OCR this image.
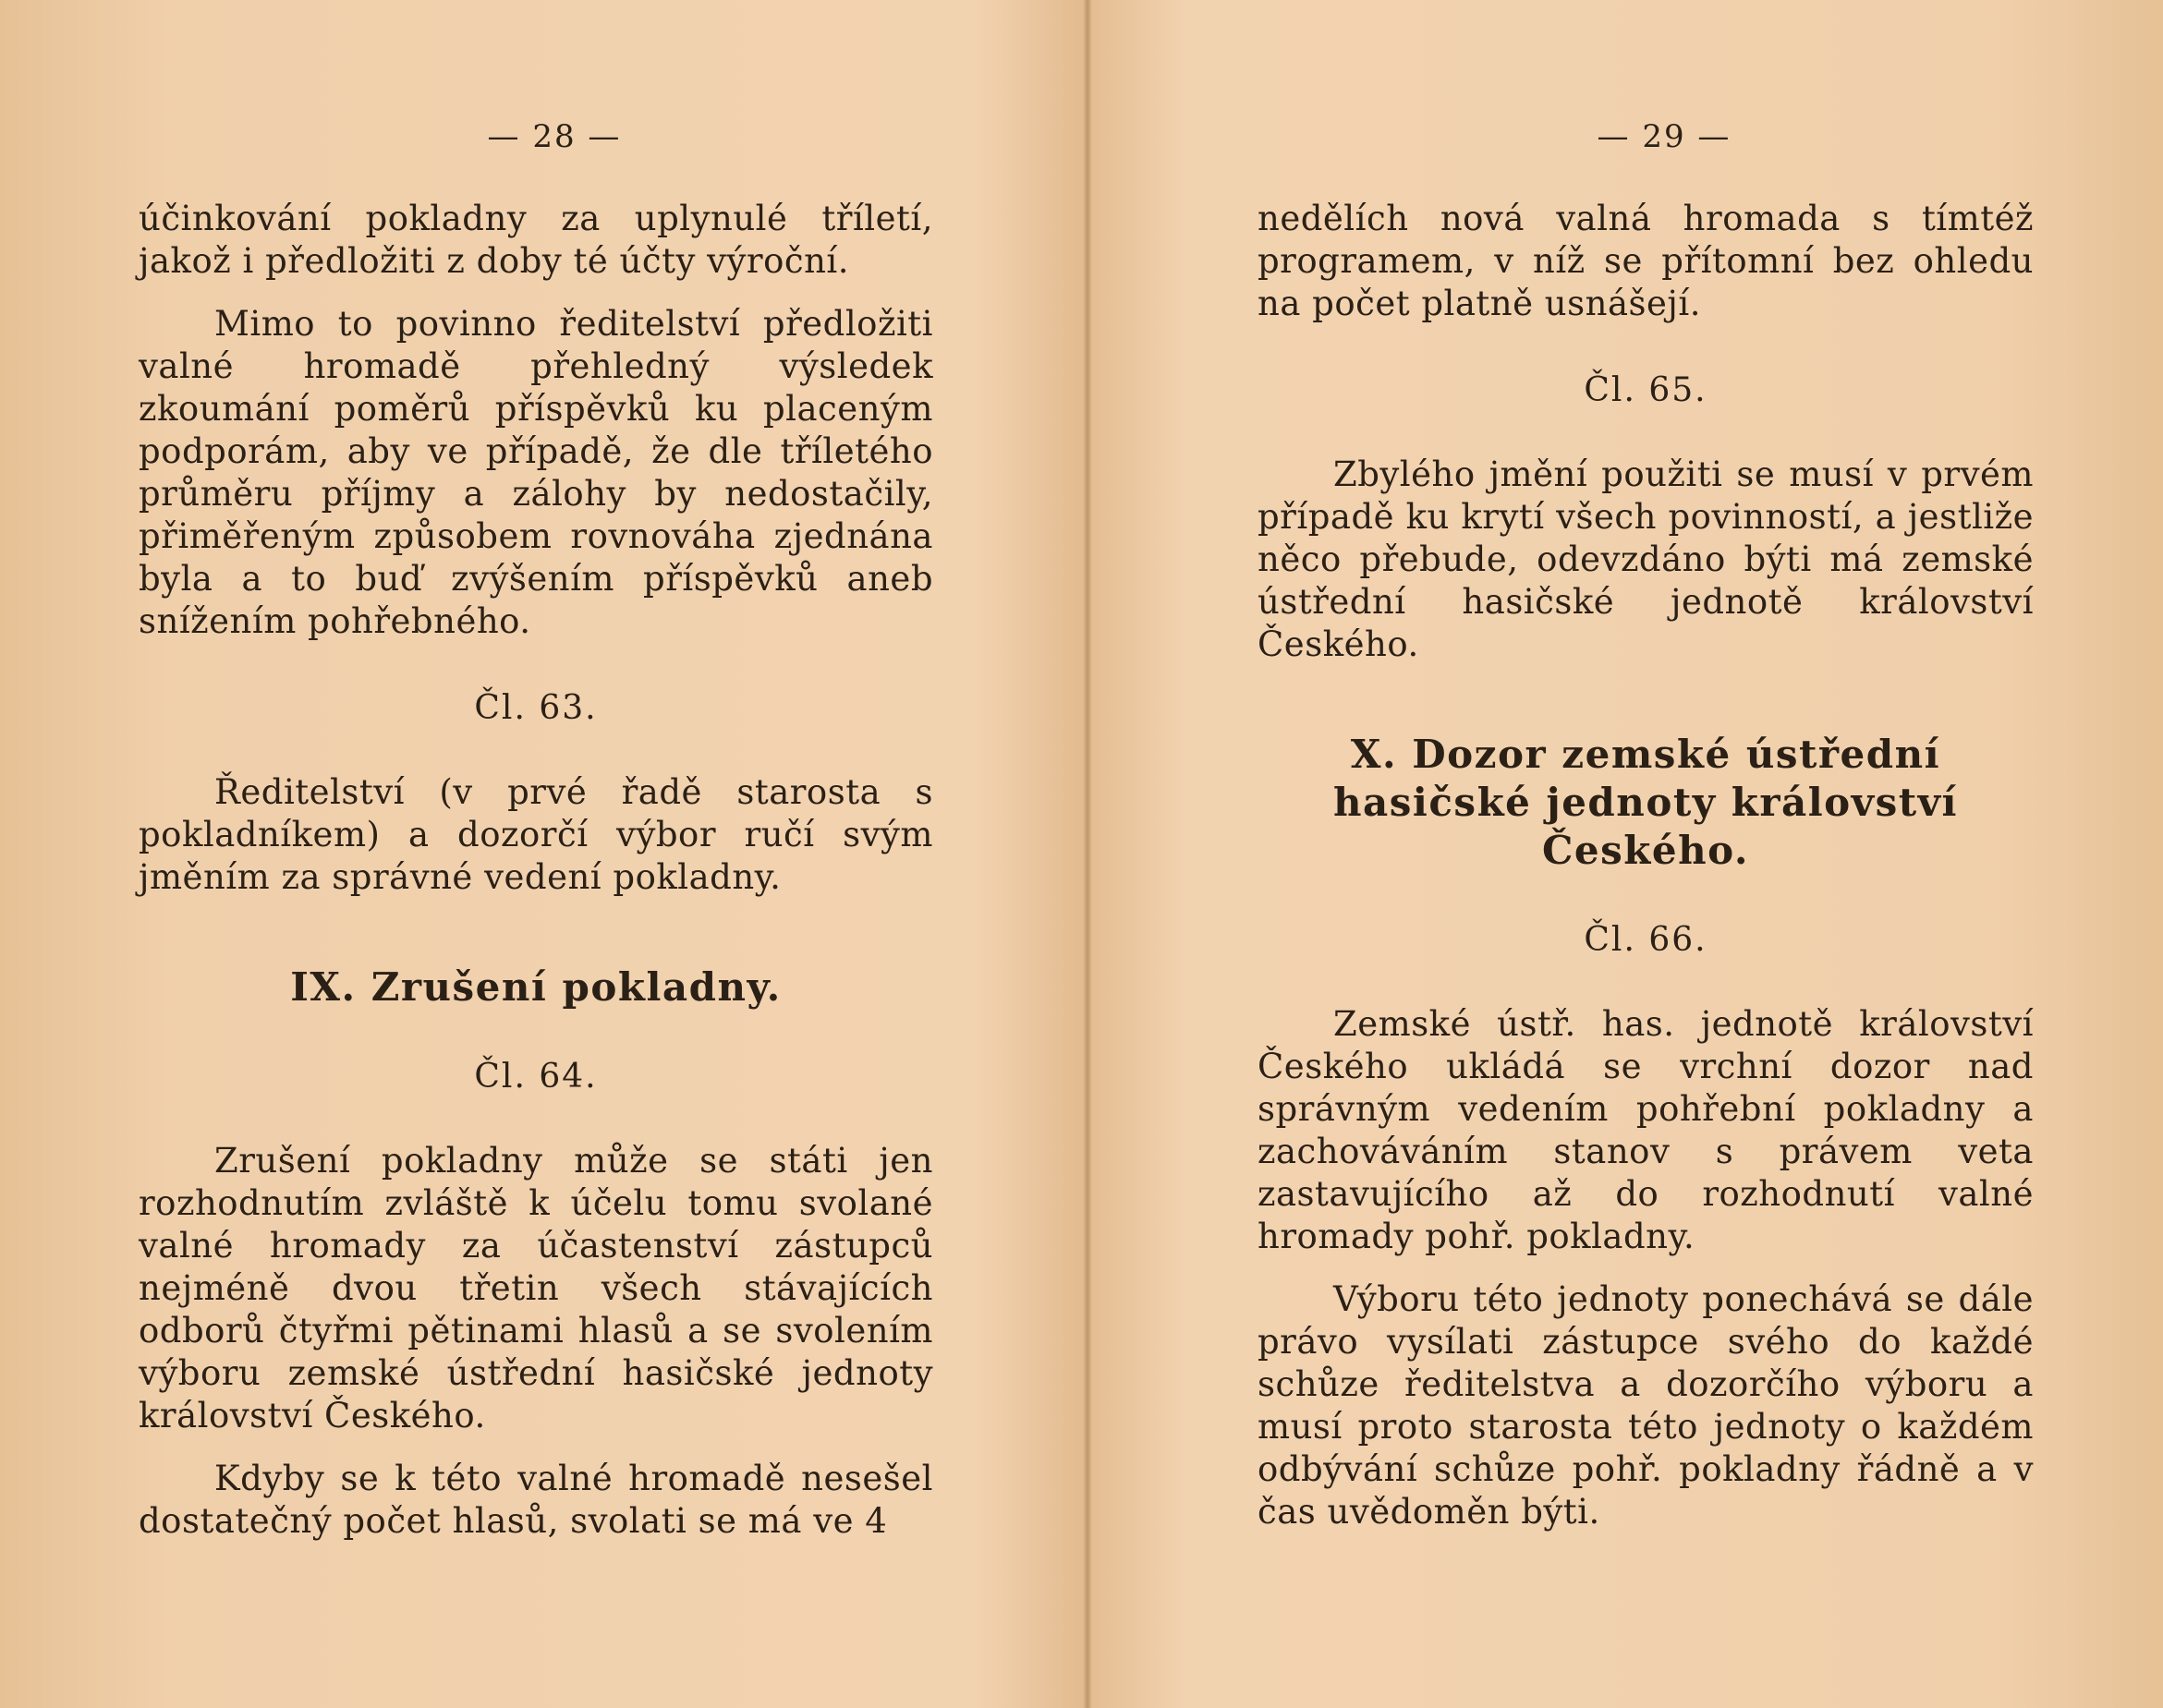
— 28 —

účinkování pokladny za uplynulé tříletí, jakož i předložiti z doby té účty výroční.

Mimo to povinno ředitelství předložiti valné hromadě přehledný výsledek zkoumání poměrů příspěvků ku placeným podporám, aby ve případě, že dle tříletého průměru příjmy a zálohy by nedostačily, přiměřeným způsobem rovnováha zjednána byla a to buď zvýšením příspěvků aneb snížením pohřebného.

Čl. 63.

Ředitelství (v prvé řadě starosta s pokladníkem) a dozorčí výbor ručí svým jměním za správné vedení pokladny.

IX. Zrušení pokladny.
Čl. 64.

Zrušení pokladny může se státi jen rozhodnutím zvláště k účelu tomu svolané valné hromady za účastenství zástupců nejméně dvou třetin všech stávajících odborů čtyřmi pětinami hlasů a se svolením výboru zemské ústřední hasičské jednoty království Českého.

Kdyby se k této valné hromadě nesešel dostatečný počet hlasů, svolati se má ve 4

— 29 —

nedělích nová valná hromada s tímtéž programem, v níž se přítomní bez ohledu na počet platně usnášejí.

Čl. 65.

Zbylého jmění použiti se musí v prvém případě ku krytí všech povinností, a jestliže něco přebude, odevzdáno býti má zemské ústřední hasičské jednotě království Českého.

X. Dozor zemské ústřední hasičské jednoty království Českého.
Čl. 66.

Zemské ústř. has. jednotě království Českého ukládá se vrchní dozor nad správným vedením pohřební pokladny a zachováváním stanov s právem veta zastavujícího až do rozhodnutí valné hromady pohř. pokladny.

Výboru této jednoty ponechává se dále právo vysílati zástupce svého do každé schůze ředitelstva a dozorčího výboru a musí proto starosta této jednoty o každém odbývání schůze pohř. pokladny řádně a v čas uvědoměn býti.
